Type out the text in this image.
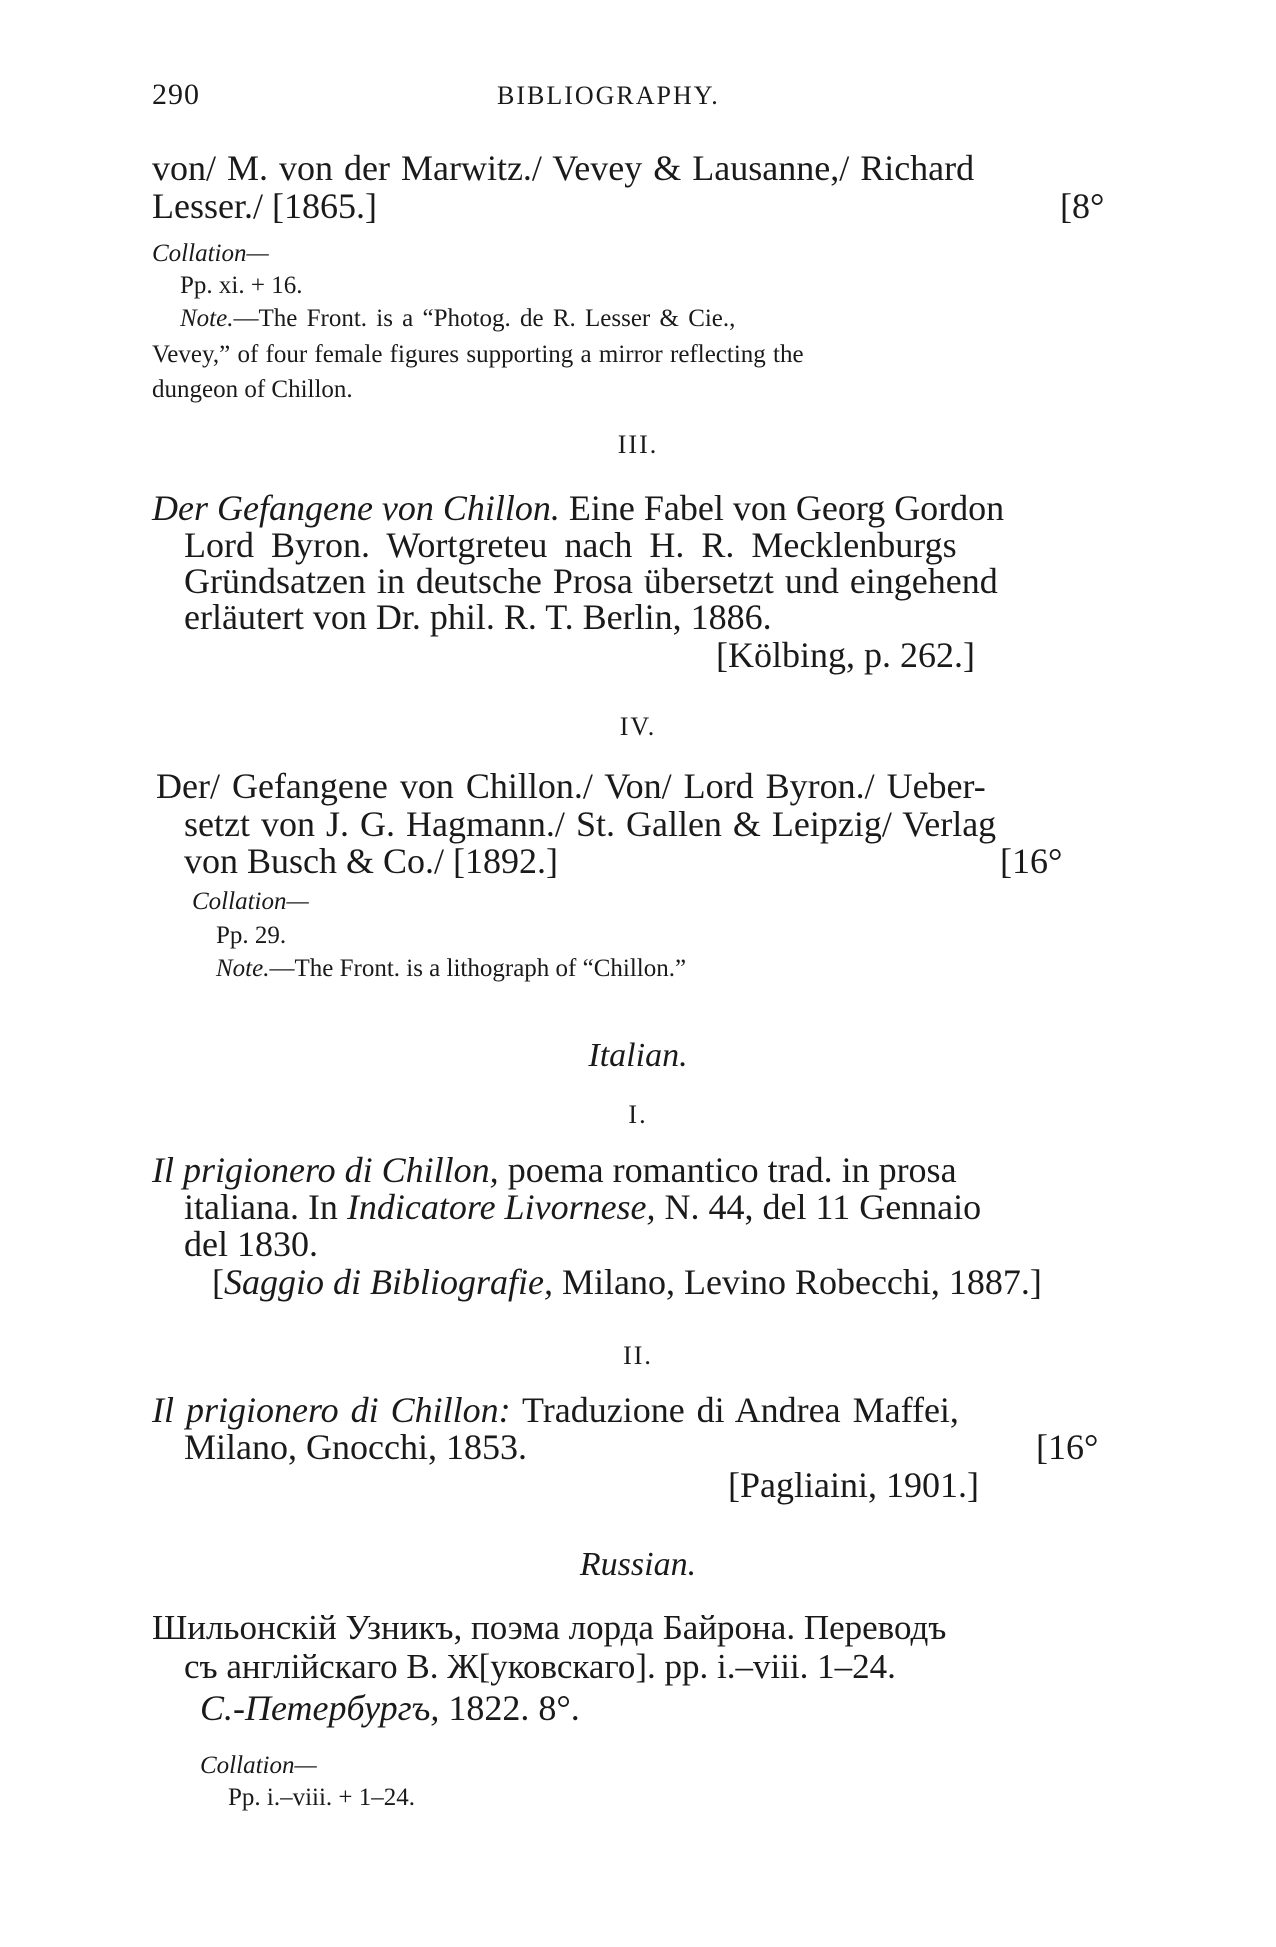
290	BIBLIOGRAPHY.
von/ M. von der Marwitz./ Vevey & Lausanne,/ Richard
Lesser./ [1865.]	[8°
Collation—
Pp. xi. + 16.
Note.—The Front. is a “Photog. de R. Lesser & Cie.,
Vevey,” of four female figures supporting a mirror reflecting the
dungeon of Chillon.
III.
Der Gefangene von Chillon. Eine Fabel von Georg Gordon
Lord Byron. Wortgreteu nach H. R. Mecklenburgs
Gründsatzen in deutsche Prosa übersetzt und eingehend
erläutert von Dr. phil. R. T. Berlin, 1886.
[Kölbing, p. 262.]
IV.
Der/ Gefangene von Chillon./ Von/ Lord Byron./ Ueber-
setzt von J. G. Hagmann./ St. Gallen & Leipzig/ Verlag
von Busch & Co./ [1892.]	[16°
Collation—
Pp. 29.
Note.—The Front. is a lithograph of “Chillon.”
Italian.
I.
Il prigionero di Chillon, poema romantico trad. in prosa
italiana. In Indicatore Livornese, N. 44, del 11 Gennaio
del 1830.
[Saggio di Bibliografie, Milano, Levino Robecchi, 1887.]
II.
Il prigionero di Chillon: Traduzione di Andrea Maffei,
Milano, Gnocchi, 1853.	[16°
[Pagliaini, 1901.]
Russian.
Шильонскій Узникъ, поэма лорда Байрона. Переводъ
съ англійскаго В. Ж[уковскаго]. pp. i.–viii. 1–24.
С.-Петербургъ, 1822. 8°.
Collation—
Pp. i.–viii. + 1–24.
